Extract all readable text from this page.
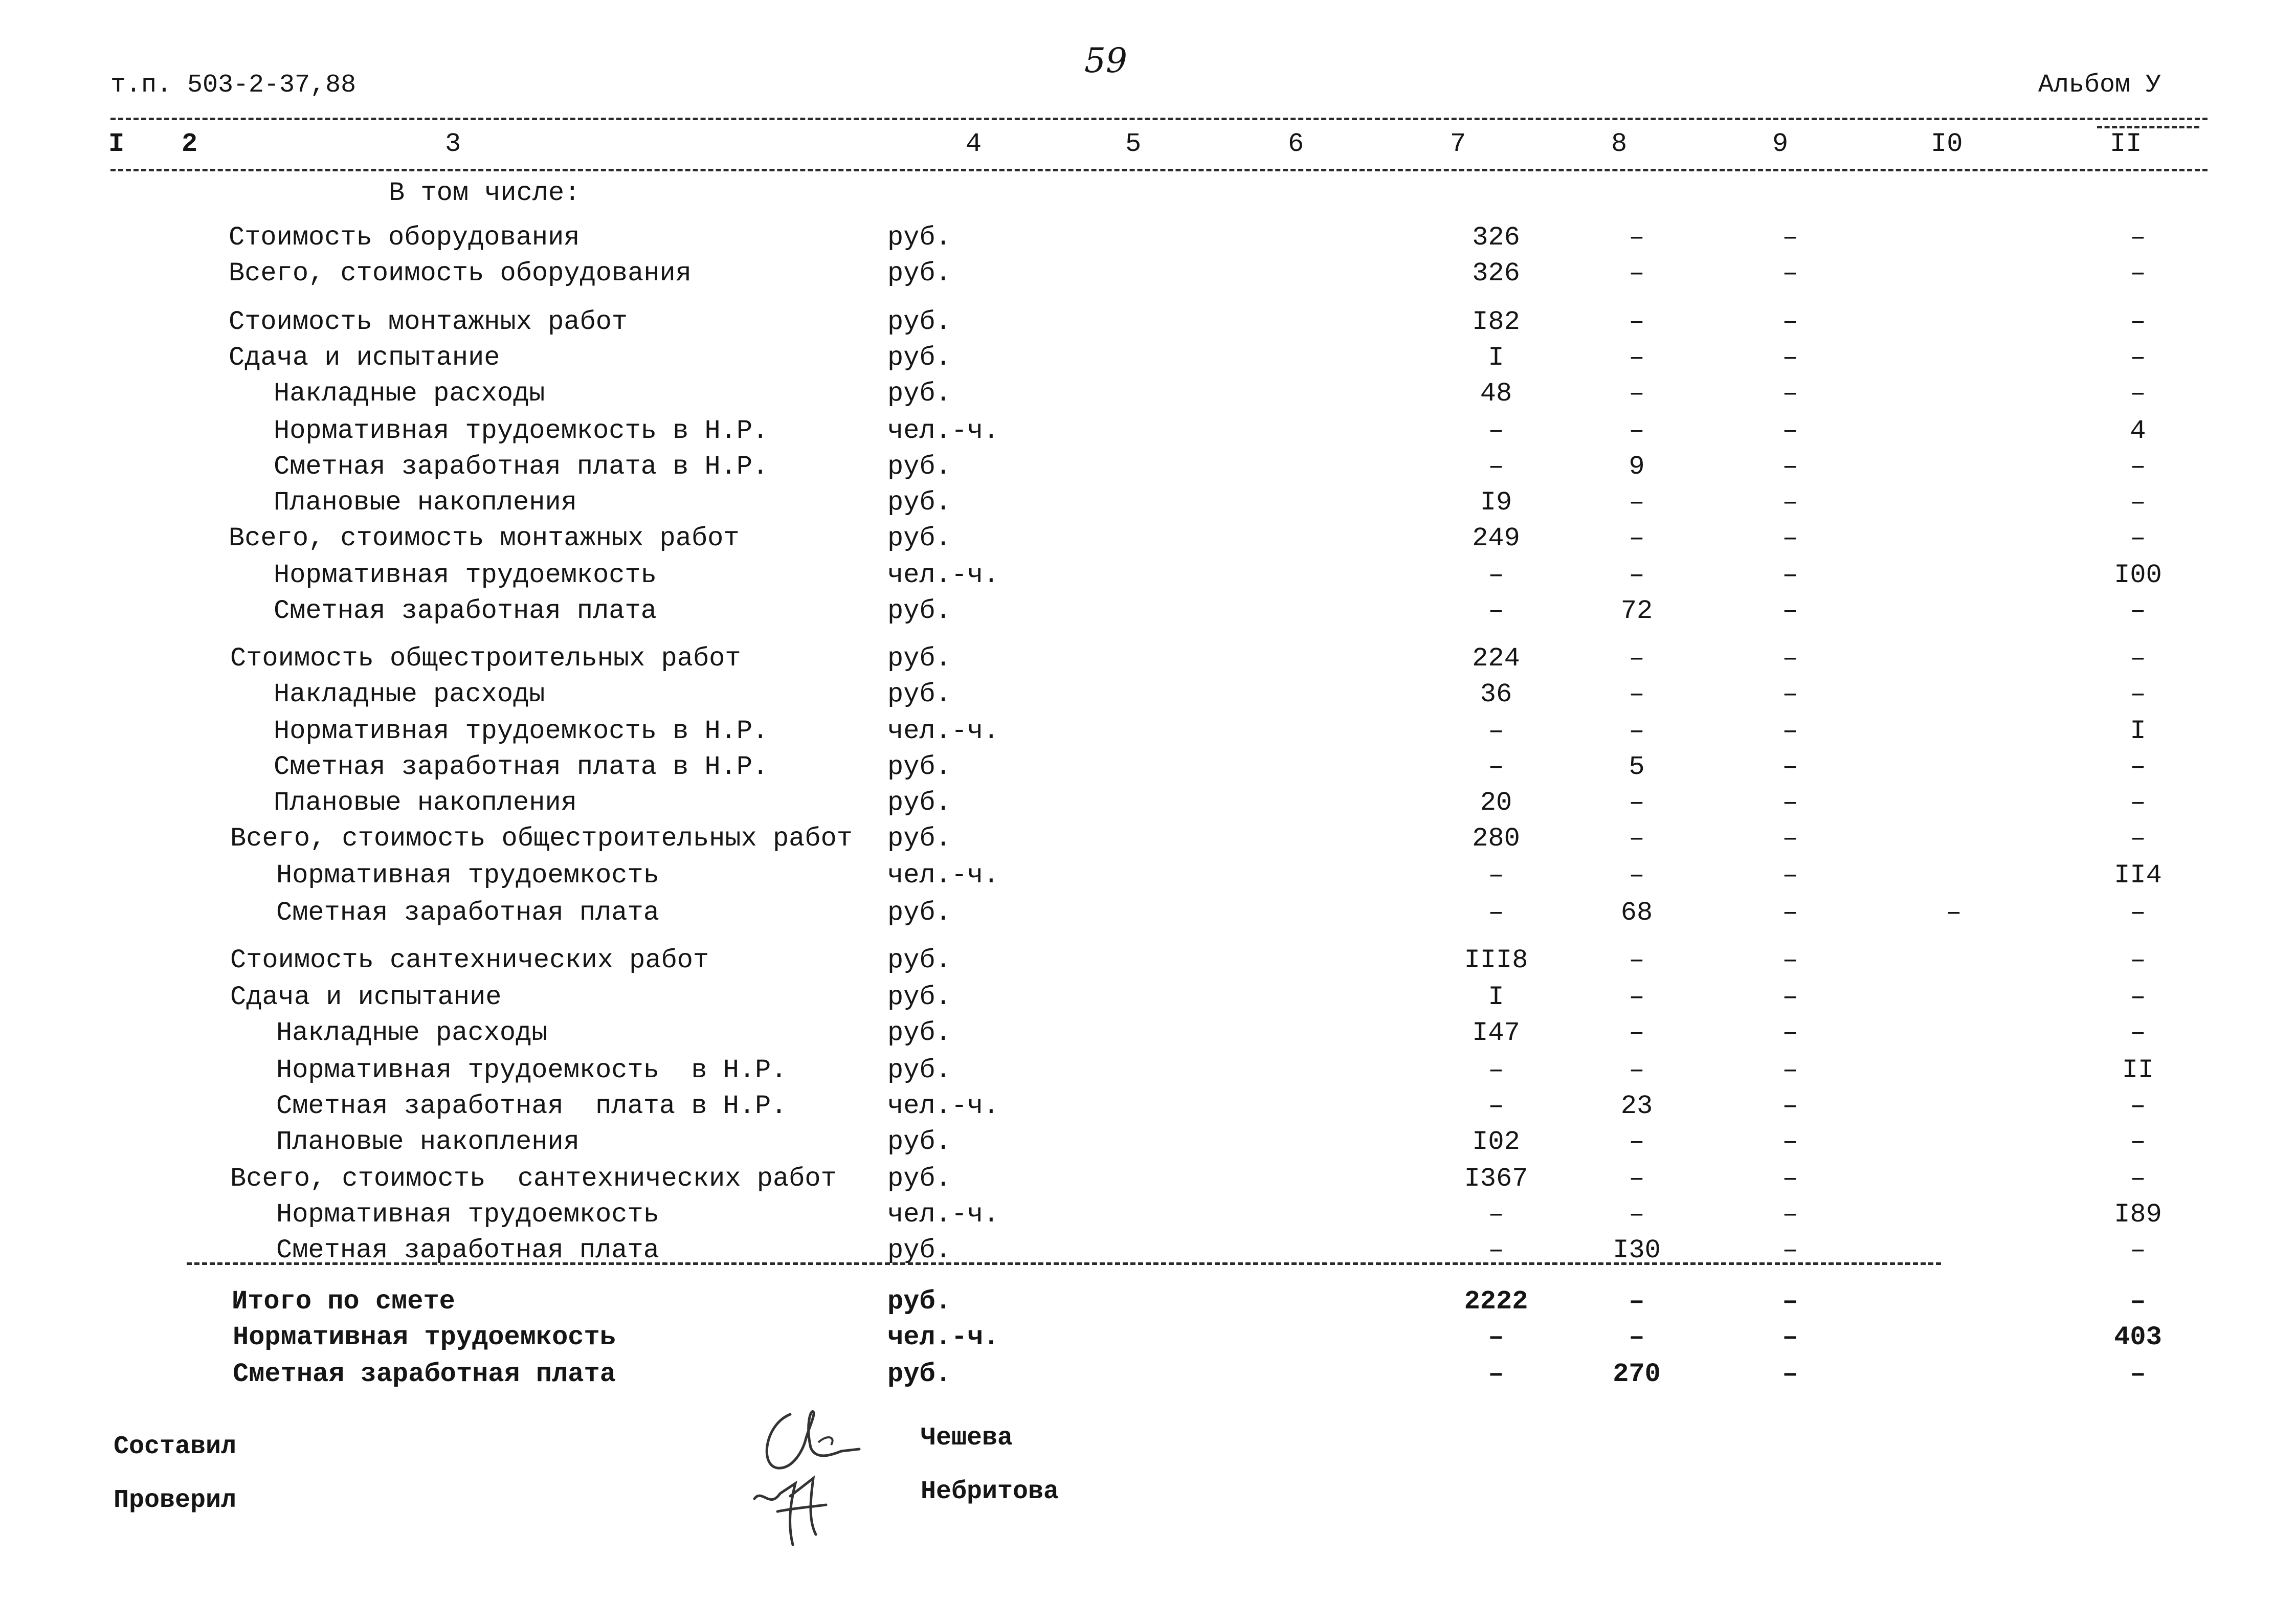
т.п. 503-2-37,88
59
Альбом У
I 2	3	4	5	6	7	8	9	I0	II
В том числе:
Стоимость оборудования	руб.	326	–	–	–
Всего, стоимость оборудования	руб.	326	–	–	–
Стоимость монтажных работ	руб.	I82	–	–	–
Сдача и испытание	руб.	I	–	–	–
Накладные расходы	руб.	48	–	–	–
Нормативная трудоемкость в Н.Р.	чел.-ч.	–	–	–	4
Сметная заработная плата в Н.Р.	руб.	–	9	–	–
Плановые накопления	руб.	I9	–	–	–
Всего, стоимость монтажных работ	руб.	249	–	–	–
Нормативная трудоемкость	чел.-ч.	–	–	–	I00
Сметная заработная плата	руб.	–	72	–	–
Стоимость общестроительных работ	руб.	224	–	–	–
Накладные расходы	руб.	36	–	–	–
Нормативная трудоемкость в Н.Р.	чел.-ч.	–	–	–	I
Сметная заработная плата в Н.Р.	руб.	–	5	–	–
Плановые накопления	руб.	20	–	–	–
Всего, стоимость общестроительных работ руб.	280	–	–	–
Нормативная трудоемкость	чел.-ч.	–	–	–	II4
Сметная заработная плата	руб.	–	68	–	–	–
Стоимость сантехнических работ	руб.	III8	–	–	–
Сдача и испытание	руб.	I	–	–	–
Накладные расходы	руб.	I47	–	–	–
Нормативная трудоемкость  в Н.Р.	руб.	–	–	–	II
Сметная заработная  плата в Н.Р.	чел.-ч.	–	23	–	–
Плановые накопления	руб.	I02	–	–	–
Всего, стоимость  сантехнических работ руб.	I367	–	–	–
Нормативная трудоемкость	чел.-ч.	–	–	–	I89
Сметная заработная плата	руб.	–	I30	–	–
Итого по смете	руб.	2222	–	–	–
Нормативная трудоемкость	чел.-ч.	–	–	–	403
Сметная заработная плата	руб.	–	270	–	–
Составил	Чешева
Проверил	Небритова
